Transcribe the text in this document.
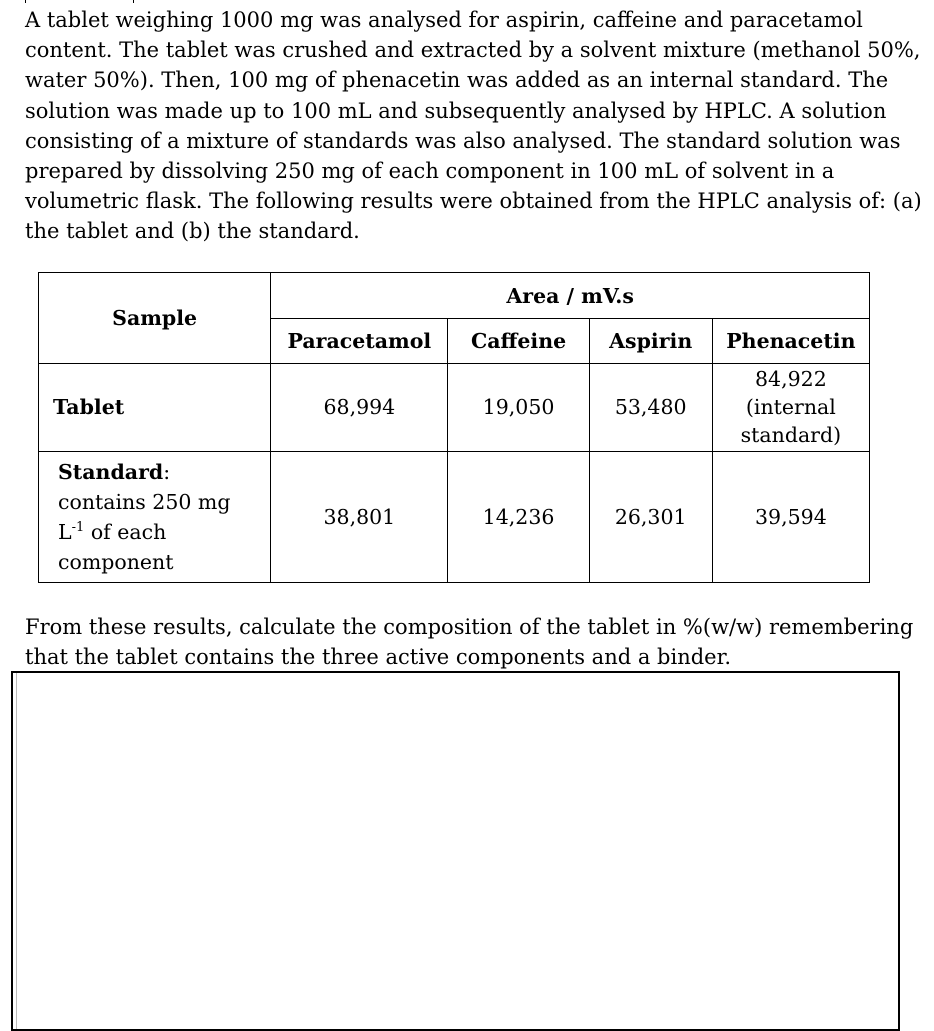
A tablet weighing 1000 mg was analysed for aspirin, caffeine and paracetamol
content. The tablet was crushed and extracted by a solvent mixture (methanol 50%,
water 50%). Then, 100 mg of phenacetin was added as an internal standard. The
solution was made up to 100 mL and subsequently analysed by HPLC. A solution
consisting of a mixture of standards was also analysed. The standard solution was
prepared by dissolving 250 mg of each component in 100 mL of solvent in a
volumetric flask. The following results were obtained from the HPLC analysis of: (a)
the tablet and (b) the standard.

Sample	Area / mV.s			
	Paracetamol	Caffeine	Aspirin	Phenacetin
Tablet	68,994	19,050	53,480	84,922
(internal
standard)
Standard:
contains 250 mg
$L^{-1}$ of each
component	38,801	14,236	26,301	39,594

From these results, calculate the composition of the tablet in %(w/w) remembering
that the tablet contains the three active components and a binder.
